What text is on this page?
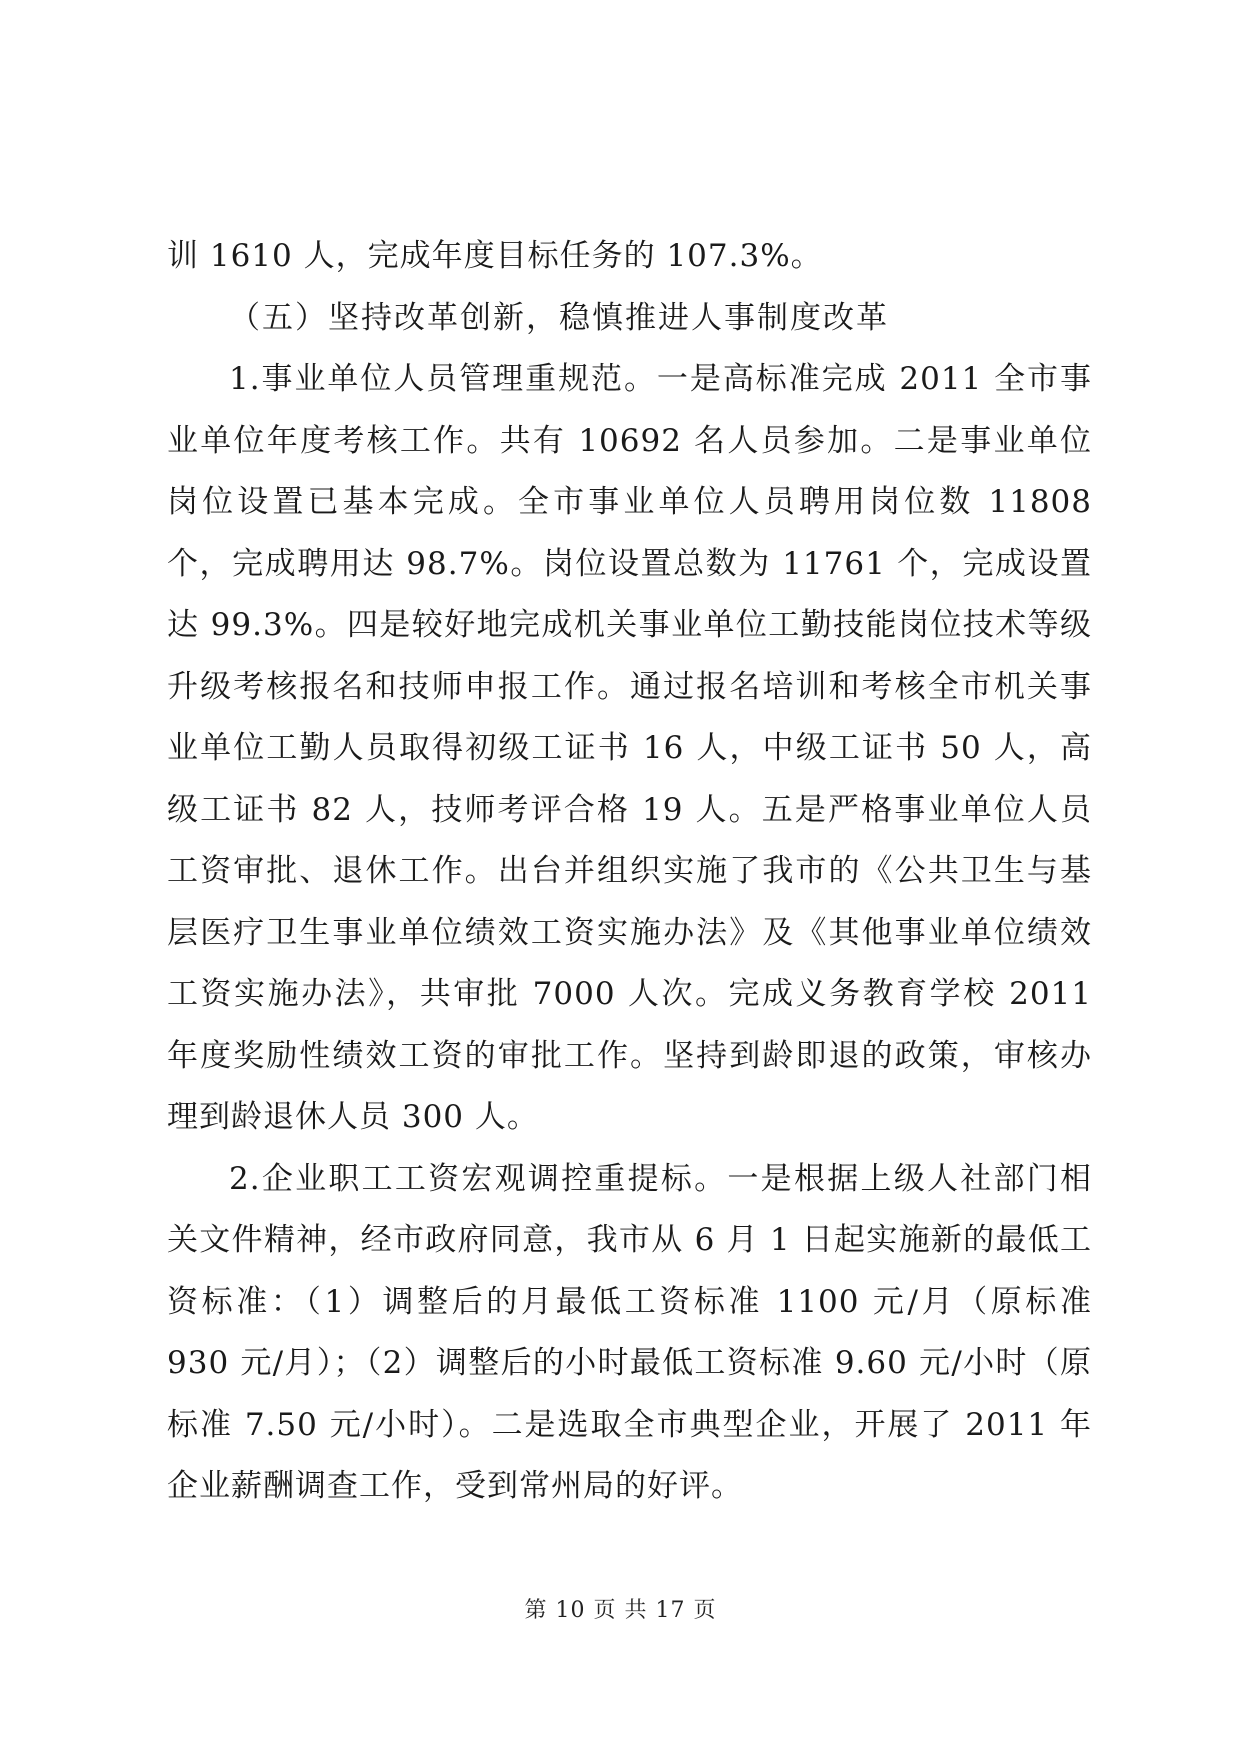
训 1610 人，完成年度目标任务的 107.3%。

（五）坚持改革创新，稳慎推进人事制度改革

1.事业单位人员管理重规范。一是高标准完成 2011 全市事业单位年度考核工作。共有 10692 名人员参加。二是事业单位岗位设置已基本完成。全市事业单位人员聘用岗位数 11808 个，完成聘用达 98.7%。岗位设置总数为 11761 个，完成设置达 99.3%。四是较好地完成机关事业单位工勤技能岗位技术等级升级考核报名和技师申报工作。通过报名培训和考核全市机关事业单位工勤人员取得初级工证书 16 人，中级工证书 50 人，高级工证书 82 人，技师考评合格 19 人。五是严格事业单位人员工资审批、退休工作。出台并组织实施了我市的《公共卫生与基层医疗卫生事业单位绩效工资实施办法》及《其他事业单位绩效工资实施办法》，共审批 7000 人次。完成义务教育学校 2011 年度奖励性绩效工资的审批工作。坚持到龄即退的政策，审核办理到龄退休人员 300 人。

2.企业职工工资宏观调控重提标。一是根据上级人社部门相关文件精神，经市政府同意，我市从 6 月 1 日起实施新的最低工资标准：（1）调整后的月最低工资标准 1100 元/月（原标准 930 元/月）；（2）调整后的小时最低工资标准 9.60 元/小时（原标准 7.50 元/小时）。二是选取全市典型企业，开展了 2011 年企业薪酬调查工作，受到常州局的好评。

第 10 页 共 17 页
